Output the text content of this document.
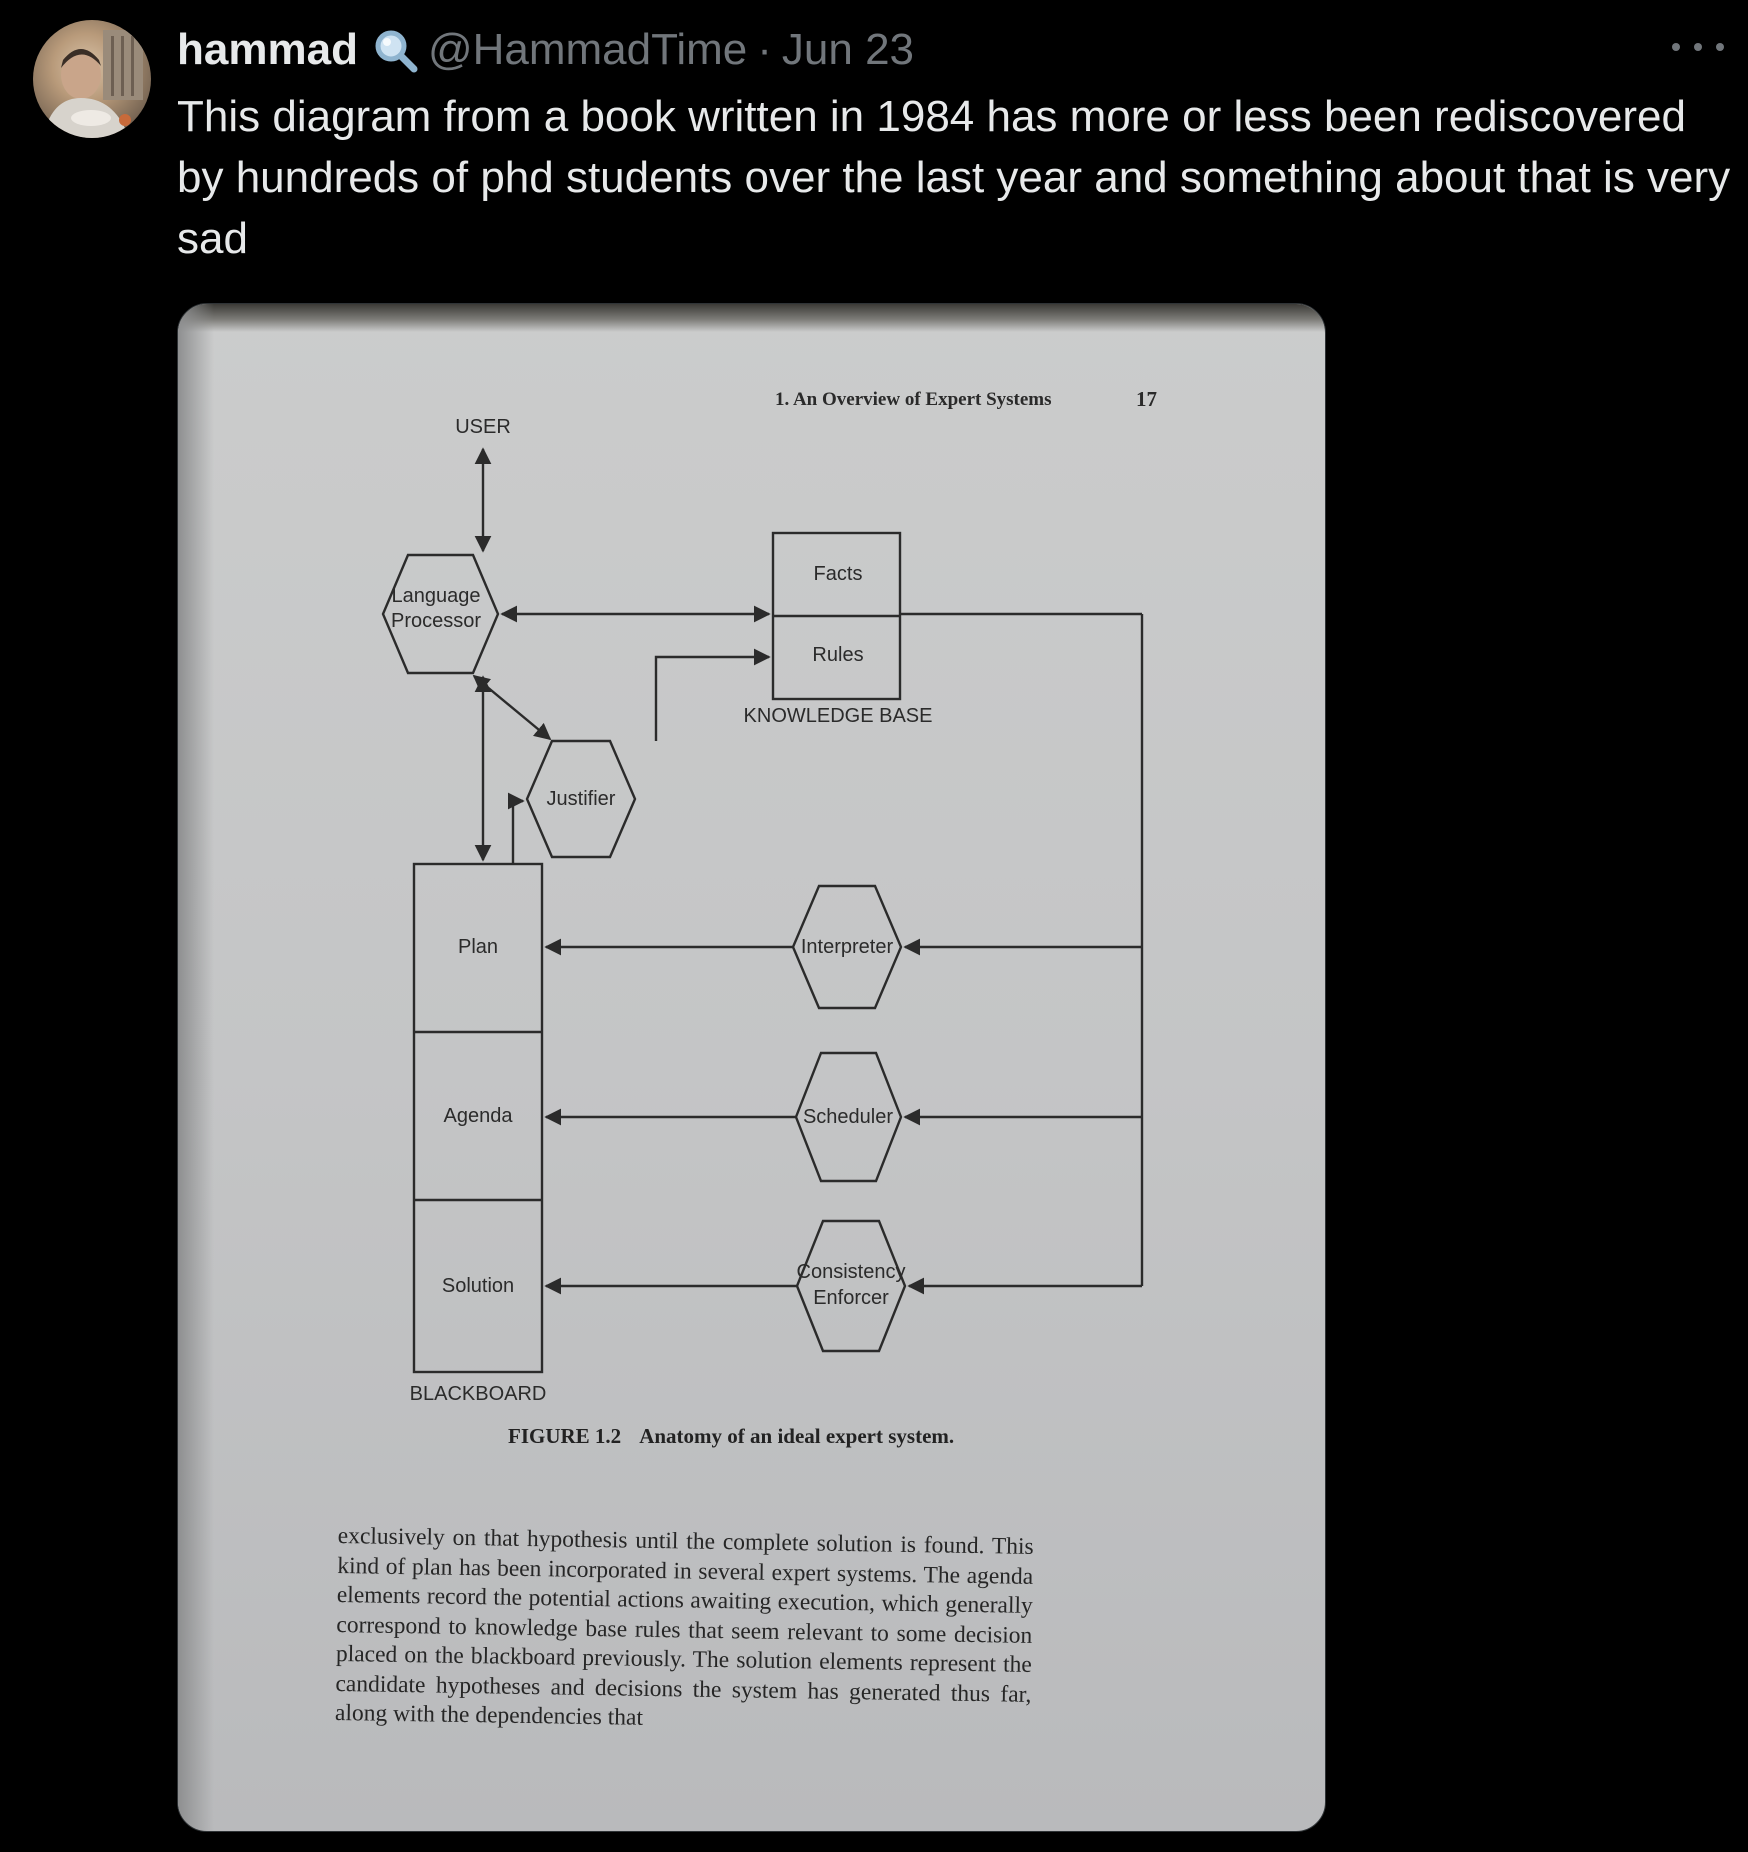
hammad @HammadTime · Jun 23

This diagram from a book written in 1984 has more or less been rediscovered by hundreds of phd students over the last year and something about that is very sad

1. An Overview of Expert Systems	17
USER
Language
Processor
Facts
Rules
KNOWLEDGE BASE
Justifier
Interpreter
Scheduler
Consistency
Enforcer
Plan
Agenda
Solution
BLACKBOARD
FIGURE 1.2 Anatomy of an ideal expert system.
exclusively on that hypothesis until the complete solution is found. This kind of plan has been incorporated in several expert systems. The agenda elements record the potential actions awaiting execution, which generally correspond to knowledge base rules that seem relevant to some decision placed on the blackboard previously. The solution elements represent the candidate hypotheses and decisions the system has generated thus far, along with the dependencies that
